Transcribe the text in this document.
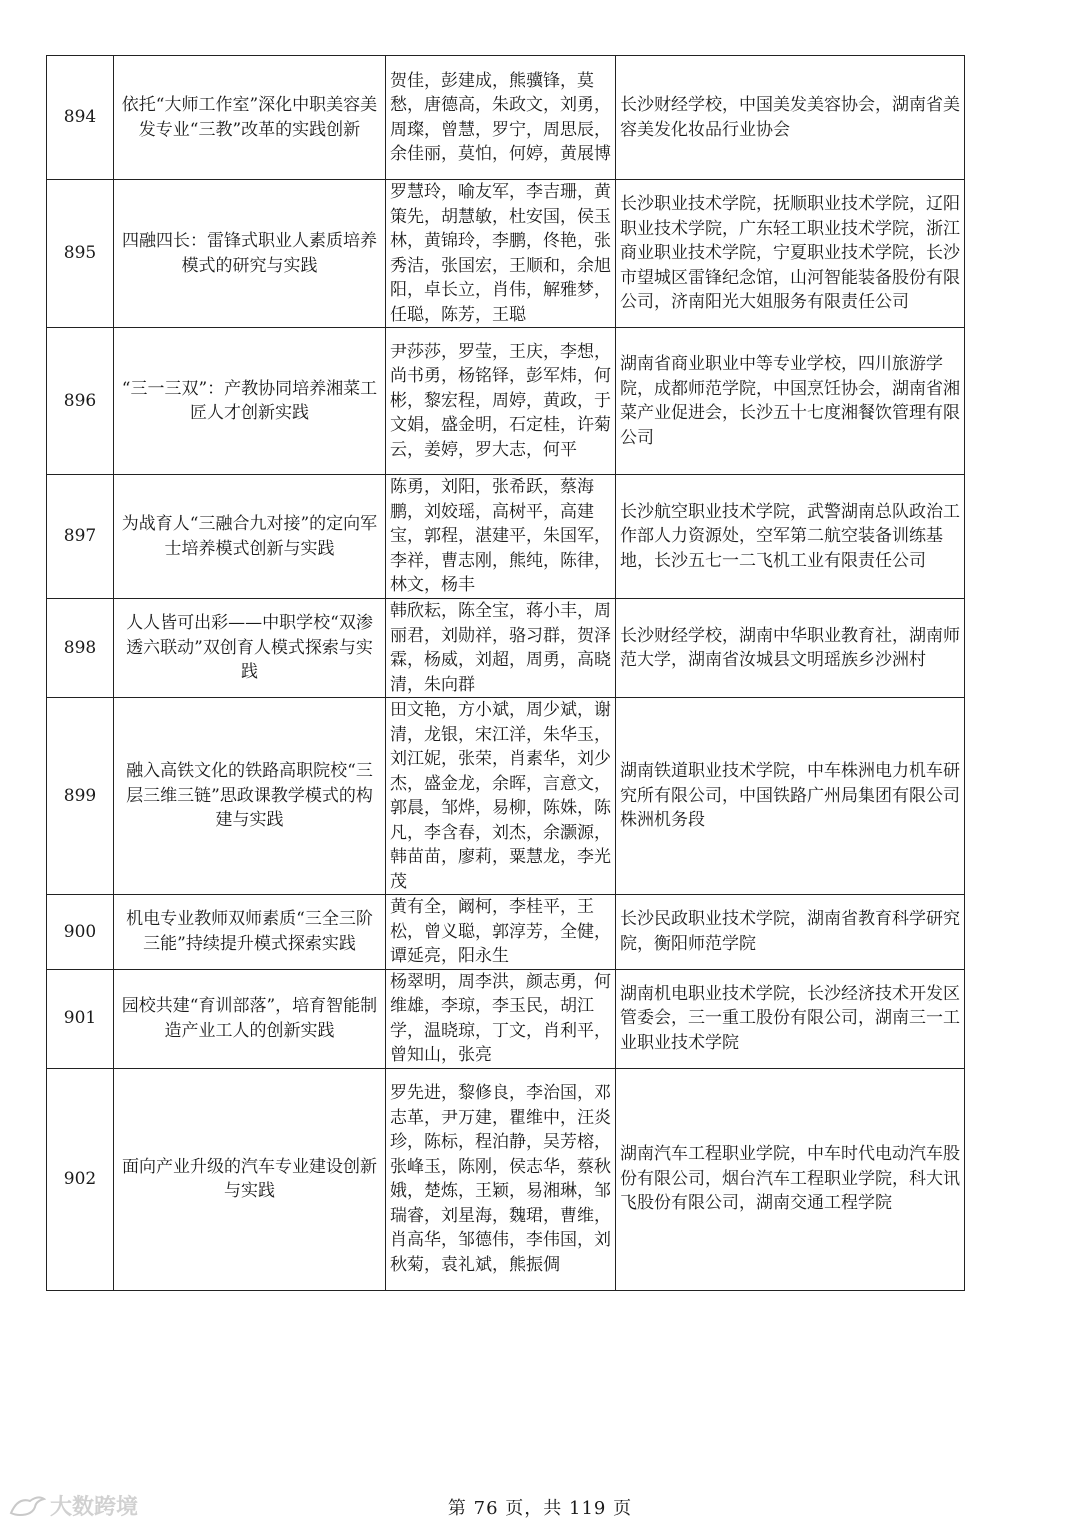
894	依托“大师工作室”深化中职美容美发专业“三教”改革的实践创新	贺佳，彭建成，熊骥锋，莫愁，唐德高，朱政文，刘勇，周璨，曾慧，罗宁，周思辰，余佳丽，莫怕，何婷，黄展博	长沙财经学校，中国美发美容协会，湖南省美容美发化妆品行业协会

895	四融四长：雷锋式职业人素质培养模式的研究与实践	罗慧玲，喻友军，李吉珊，黄策先，胡慧敏，杜安国，侯玉林，黄锦玲，李鹏，佟艳，张秀洁，张国宏，王顺和，余旭阳，卓长立，肖伟，解雅梦，任聪，陈芳，王聪	长沙职业技术学院，抚顺职业技术学院，辽阳职业技术学院，广东轻工职业技术学院，浙江商业职业技术学院，宁夏职业技术学院，长沙市望城区雷锋纪念馆，山河智能装备股份有限公司，济南阳光大姐服务有限责任公司

896	“三一三双”：产教协同培养湘菜工匠人才创新实践	尹莎莎，罗莹，王庆，李想，尚书勇，杨铭铎，彭军炜，何彬，黎宏程，周婷，黄政，于文娟，盛金明，石定桂，许菊云，姜婷，罗大志，何平	湖南省商业职业中等专业学校，四川旅游学院，成都师范学院，中国烹饪协会，湖南省湘菜产业促进会，长沙五十七度湘餐饮管理有限公司

897	为战育人“三融合九对接”的定向军士培养模式创新与实践	陈勇，刘阳，张希跃，蔡海鹏，刘姣瑶，高树平，高建宝，郭程，湛建平，朱国军，李祥，曹志刚，熊纯，陈律，林文，杨丰	长沙航空职业技术学院，武警湖南总队政治工作部人力资源处，空军第二航空装备训练基地，长沙五七一二飞机工业有限责任公司

898	人人皆可出彩——中职学校“双渗透六联动”双创育人模式探索与实践	韩欣耘，陈全宝，蒋小丰，周丽君，刘勋祥，骆习群，贺泽霖，杨威，刘超，周勇，高晓清，朱向群	长沙财经学校，湖南中华职业教育社，湖南师范大学，湖南省汝城县文明瑶族乡沙洲村

899	融入高铁文化的铁路高职院校“三层三维三链”思政课教学模式的构建与实践	田文艳，方小斌，周少斌，谢清，龙银，宋江洋，朱华玉，刘江妮，张荣，肖素华，刘少杰，盛金龙，余晖，言意文，郭晨，邹烨，易柳，陈姝，陈凡，李含春，刘杰，余灏源，韩苗苗，廖莉，粟慧龙，李光茂	湖南铁道职业技术学院，中车株洲电力机车研究所有限公司，中国铁路广州局集团有限公司株洲机务段

900	机电专业教师双师素质“三全三阶三能”持续提升模式探索实践	黄有全，阚柯，李桂平，王松，曾义聪，郭淳芳，全健，谭延亮，阳永生	长沙民政职业技术学院，湖南省教育科学研究院，衡阳师范学院

901	园校共建“育训部落”，培育智能制造产业工人的创新实践	杨翠明，周李洪，颜志勇，何维雄，李琼，李玉民，胡江学，温晓琼，丁文，肖利平，曾知山，张亮	湖南机电职业技术学院，长沙经济技术开发区管委会，三一重工股份有限公司，湖南三一工业职业技术学院

902	面向产业升级的汽车专业建设创新与实践	罗先进，黎修良，李治国，邓志革，尹万建，瞿维中，汪炎珍，陈标，程泊静，吴芳榕，张峰玉，陈刚，侯志华，蔡秋娥，楚炼，王颖，易湘琳，邹瑞睿，刘星海，魏珺，曹维，肖高华，邹德伟，李伟国，刘秋菊，袁礼斌，熊振倜	湖南汽车工程职业学院，中车时代电动汽车股份有限公司，烟台汽车工程职业学院，科大讯飞股份有限公司，湖南交通工程学院
大数跨境	第 76 页，共 119 页
